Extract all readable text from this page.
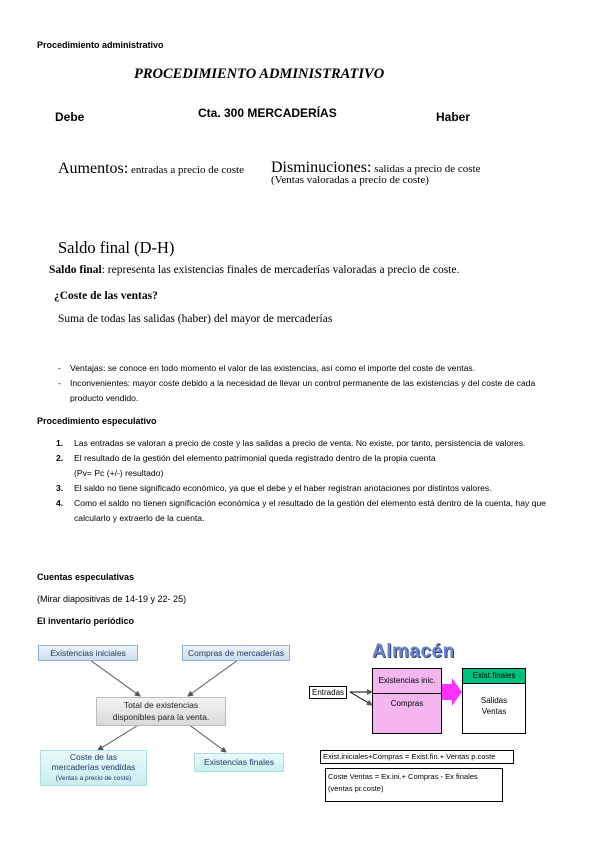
Procedimiento administrativo
PROCEDIMIENTO ADMINISTRATIVO
Debe	Cta. 300 MERCADERÍAS	Haber
Aumentos: entradas a precio de coste	Disminuciones: salidas a precio de coste (Ventas valoradas a precio de coste)
Saldo final (D-H)
Saldo final: representa las existencias finales de mercaderías valoradas a precio de coste.
¿Coste de las ventas?
Suma de todas las salidas (haber) del mayor de mercaderías
- Ventajas: se conoce en todo momento el valor de las existencias, así como el importe del coste de ventas.
- Inconvenientes: mayor coste debido a la necesidad de llevar un control permanente de las existencias y del coste de cada producto vendido.
Procedimiento especulativo
1. Las entradas se valoran a precio de coste y las salidas a precio de venta. No existe, por tanto, persistencia de valores.
2. El resultado de la gestión del elemento patrimonial queda registrado dentro de la propia cuenta
(Pv= Pc (+/-) resultado)
3. El saldo no tiene significado económico, ya que el debe y el haber registran anotaciones por distintos valores.
4. Como el saldo no tienen significación económica y el resultado de la gestión del elemento está dentro de la cuenta, hay que calcularlo y extraerlo de la cuenta.
Cuentas especulativas
(Mirar diapositivas de 14-19 y 22- 25)
El inventario periódico
Existencias iniciales	Compras de mercaderías
Total de existencias
disponibles para la venta.
Coste de las
mercaderías vendidas
(Ventas a precio de coste)
Existencias finales
Almacén
Entradas
Existencias inic.
Compras
Exist.finales
Salidas
Ventas
Exist.iniciales+Compras = Exist.fin.+ Ventas p.coste
Coste Ventas = Ex.ini.+ Compras - Ex finales
(ventas pr.coste)
